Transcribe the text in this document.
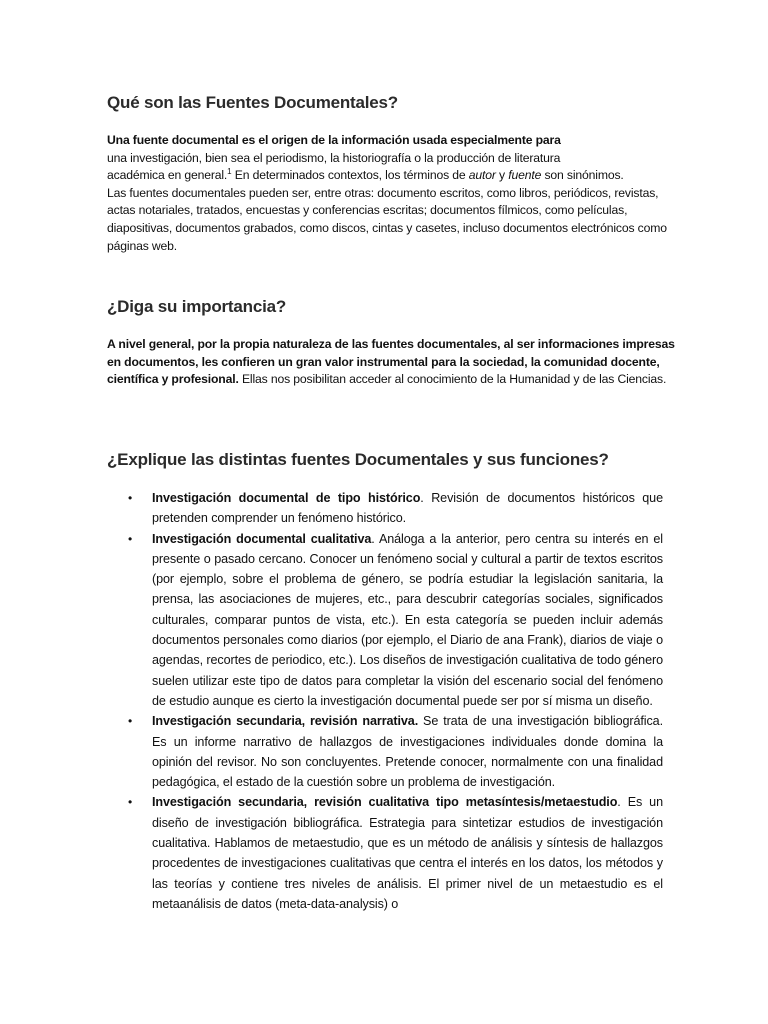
Qué son las Fuentes Documentales?

Una fuente documental es el origen de la información usada especialmente para
una investigación, bien sea el periodismo, la historiografía o la producción de literatura
académica en general.$^1$ En determinados contextos, los términos de autor y fuente son sinónimos.
Las fuentes documentales pueden ser, entre otras: documento escritos, como libros, periódicos, revistas, actas notariales, tratados, encuestas y conferencias escritas; documentos fílmicos, como películas, diapositivas, documentos grabados, como discos, cintas y casetes, incluso documentos electrónicos como páginas web.

¿Diga su importancia?

A nivel general, por la propia naturaleza de las fuentes documentales, al ser informaciones impresas en documentos, les confieren un gran valor instrumental para la sociedad, la comunidad docente, científica y profesional. Ellas nos posibilitan acceder al conocimiento de la Humanidad y de las Ciencias.

¿Explique las distintas fuentes Documentales y sus funciones?
• Investigación documental de tipo histórico. Revisión de documentos históricos que pretenden comprender un fenómeno histórico.
• Investigación documental cualitativa. Análoga a la anterior, pero centra su interés en el presente o pasado cercano. Conocer un fenómeno social y cultural a partir de textos escritos (por ejemplo, sobre el problema de género, se podría estudiar la legislación sanitaria, la prensa, las asociaciones de mujeres, etc., para descubrir categorías sociales, significados culturales, comparar puntos de vista, etc.). En esta categoría se pueden incluir además documentos personales como diarios (por ejemplo, el Diario de ana Frank), diarios de viaje o agendas, recortes de periodico, etc.). Los diseños de investigación cualitativa de todo género suelen utilizar este tipo de datos para completar la visión del escenario social del fenómeno de estudio aunque es cierto la investigación documental puede ser por sí misma un diseño.
• Investigación secundaria, revisión narrativa. Se trata de una investigación bibliográfica. Es un informe narrativo de hallazgos de investigaciones individuales donde domina la opinión del revisor. No son concluyentes. Pretende conocer, normalmente con una finalidad pedagógica, el estado de la cuestión sobre un problema de investigación.
• Investigación secundaria, revisión cualitativa tipo metasíntesis/metaestudio. Es un diseño de investigación bibliográfica. Estrategia para sintetizar estudios de investigación cualitativa. Hablamos de metaestudio, que es un método de análisis y síntesis de hallazgos procedentes de investigaciones cualitativas que centra el interés en los datos, los métodos y las teorías y contiene tres niveles de análisis. El primer nivel de un metaestudio es el metaanálisis de datos (meta-data-analysis) o
